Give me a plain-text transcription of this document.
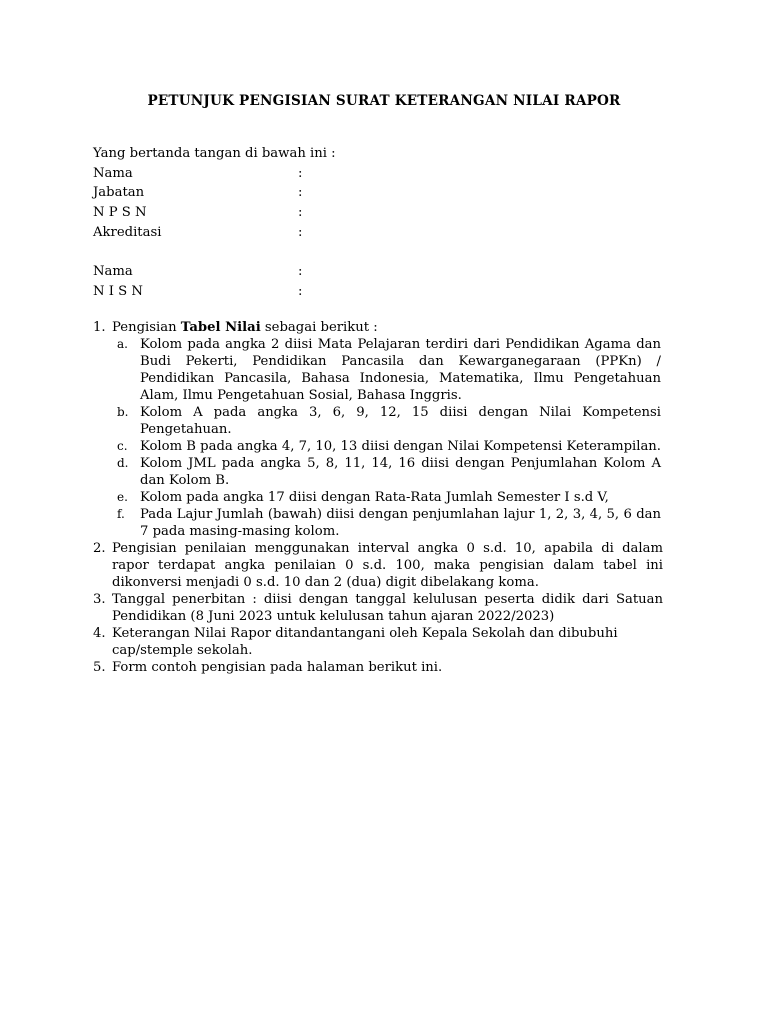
PETUNJUK PENGISIAN SURAT KETERANGAN NILAI RAPOR
Yang bertanda tangan di bawah ini :
Nama	:
Jabatan	:
N P S N	:
Akreditasi	:
Nama	:
N I S N	:
1. Pengisian Tabel Nilai sebagai berikut :
a. Kolom pada angka 2 diisi Mata Pelajaran terdiri dari Pendidikan Agama dan Budi Pekerti, Pendidikan Pancasila dan Kewarganegaraan (PPKn) / Pendidikan Pancasila, Bahasa Indonesia, Matematika, Ilmu Pengetahuan Alam, Ilmu Pengetahuan Sosial, Bahasa Inggris.
b. Kolom A pada angka 3, 6, 9, 12, 15 diisi dengan Nilai Kompetensi Pengetahuan.
c. Kolom B pada angka 4, 7, 10, 13 diisi dengan Nilai Kompetensi Keterampilan.
d. Kolom JML pada angka 5, 8, 11, 14, 16 diisi dengan Penjumlahan Kolom A dan Kolom B.
e. Kolom pada angka 17 diisi dengan Rata-Rata Jumlah Semester I s.d V,
f. Pada Lajur Jumlah (bawah) diisi dengan penjumlahan lajur 1, 2, 3, 4, 5, 6 dan 7 pada masing-masing kolom.
2. Pengisian penilaian menggunakan interval angka 0 s.d. 10, apabila di dalam rapor terdapat angka penilaian 0 s.d. 100, maka pengisian dalam tabel ini dikonversi menjadi 0 s.d. 10 dan 2 (dua) digit dibelakang koma.
3. Tanggal penerbitan : diisi dengan tanggal kelulusan peserta didik dari Satuan Pendidikan (8 Juni 2023 untuk kelulusan tahun ajaran 2022/2023)
4. Keterangan Nilai Rapor ditandantangani oleh Kepala Sekolah dan dibubuhi cap/stemple sekolah.
5. Form contoh pengisian pada halaman berikut ini.
